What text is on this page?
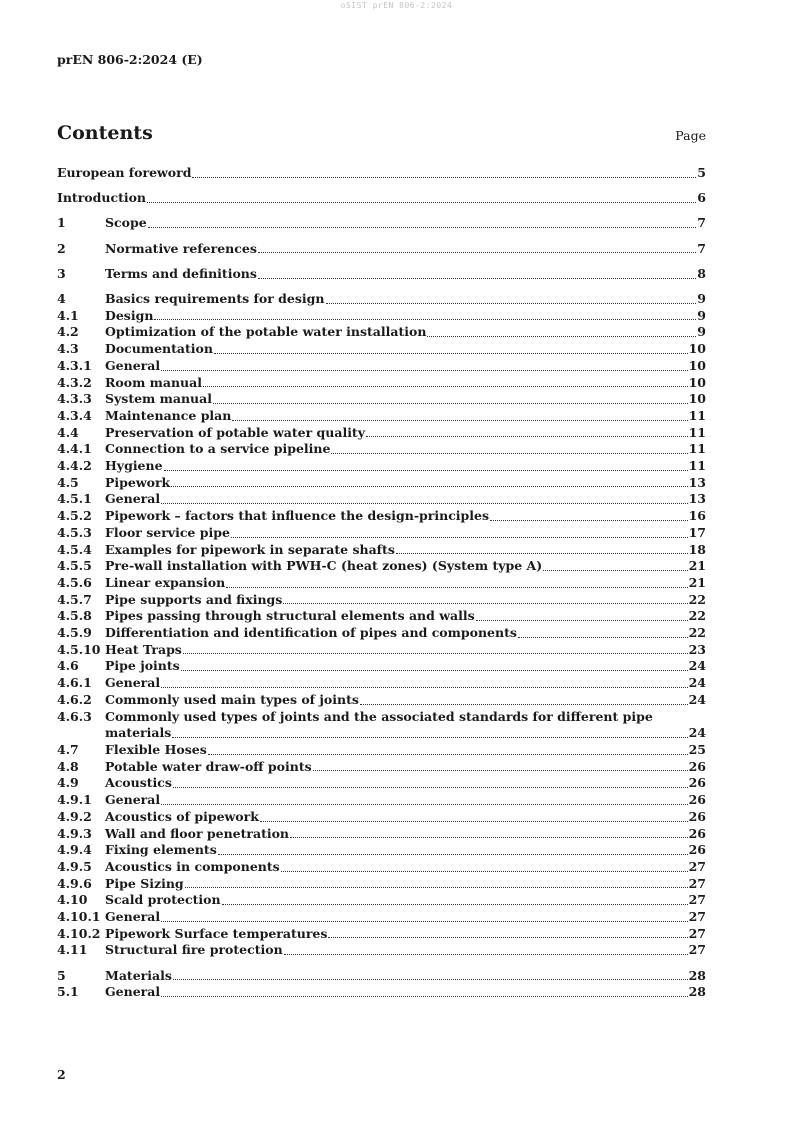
oSIST prEN 806-2:2024
prEN 806-2:2024 (E)
Contents	Page
European foreword	5
Introduction	6
1	Scope	7
2	Normative references	7
3	Terms and definitions	8
4	Basics requirements for design	9
4.1	Design	9
4.2	Optimization of the potable water installation	9
4.3	Documentation	10
4.3.1	General	10
4.3.2	Room manual	10
4.3.3	System manual	10
4.3.4	Maintenance plan	11
4.4	Preservation of potable water quality	11
4.4.1	Connection to a service pipeline	11
4.4.2	Hygiene	11
4.5	Pipework	13
4.5.1	General	13
4.5.2	Pipework – factors that influence the design-principles	16
4.5.3	Floor service pipe	17
4.5.4	Examples for pipework in separate shafts	18
4.5.5	Pre-wall installation with PWH-C (heat zones) (System type A)	21
4.5.6	Linear expansion	21
4.5.7	Pipe supports and fixings	22
4.5.8	Pipes passing through structural elements and walls	22
4.5.9	Differentiation and identification of pipes and components	22
4.5.10 Heat Traps	23
4.6	Pipe joints	24
4.6.1	General	24
4.6.2	Commonly used main types of joints	24
4.6.3	Commonly used types of joints and the associated standards for different pipe
materials	24
4.7	Flexible Hoses	25
4.8	Potable water draw-off points	26
4.9	Acoustics	26
4.9.1	General	26
4.9.2	Acoustics of pipework	26
4.9.3	Wall and floor penetration	26
4.9.4	Fixing elements	26
4.9.5	Acoustics in components	27
4.9.6	Pipe Sizing	27
4.10	Scald protection	27
4.10.1 General	27
4.10.2 Pipework Surface temperatures	27
4.11	Structural fire protection	27
5	Materials	28
5.1	General	28
2
